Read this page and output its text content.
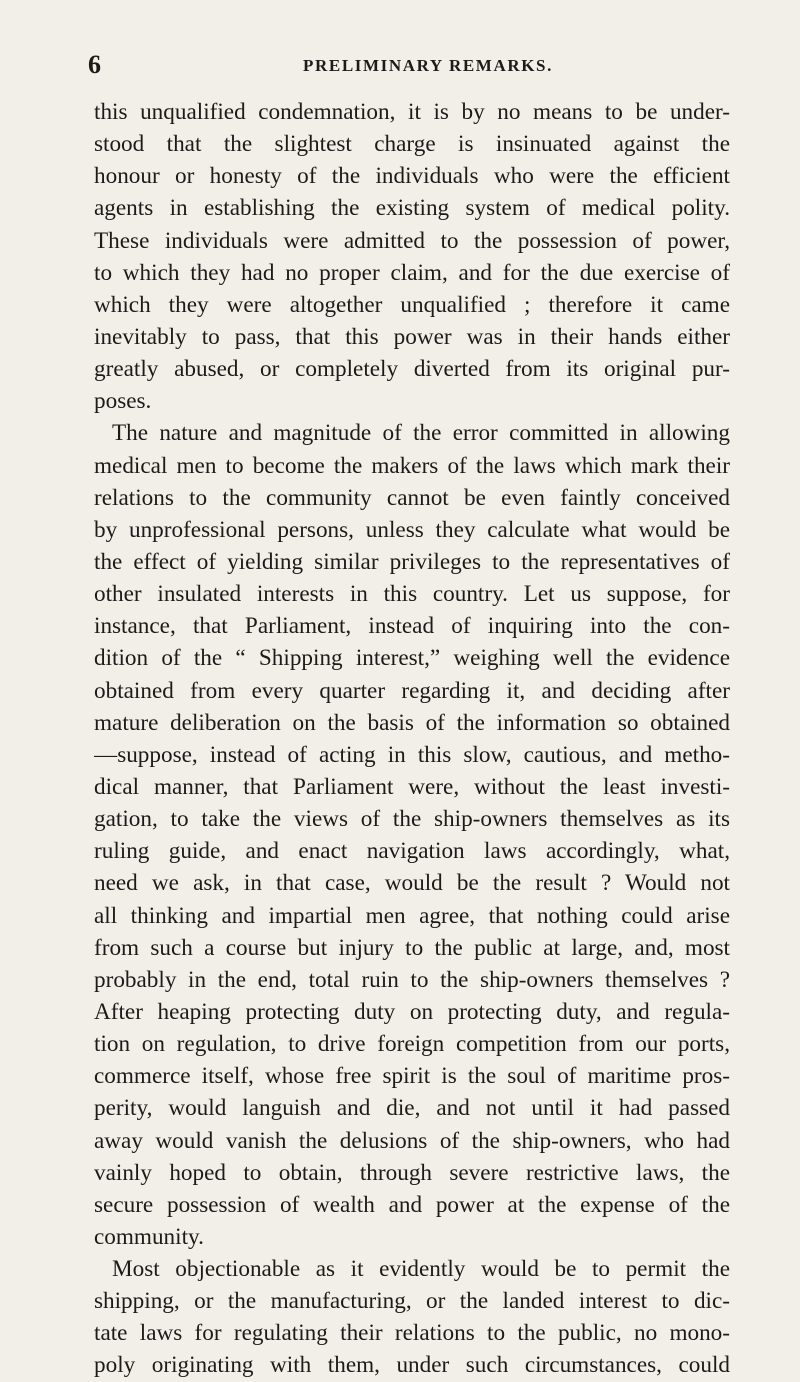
6	PRELIMINARY REMARKS.
this unqualified condemnation, it is by no means to be under-
stood that the slightest charge is insinuated against the
honour or honesty of the individuals who were the efficient
agents in establishing the existing system of medical polity.
These individuals were admitted to the possession of power,
to which they had no proper claim, and for the due exercise of
which they were altogether unqualified ; therefore it came
inevitably to pass, that this power was in their hands either
greatly abused, or completely diverted from its original pur-
poses.
The nature and magnitude of the error committed in allowing
medical men to become the makers of the laws which mark their
relations to the community cannot be even faintly conceived
by unprofessional persons, unless they calculate what would be
the effect of yielding similar privileges to the representatives of
other insulated interests in this country. Let us suppose, for
instance, that Parliament, instead of inquiring into the con-
dition of the “ Shipping interest,” weighing well the evidence
obtained from every quarter regarding it, and deciding after
mature deliberation on the basis of the information so obtained
—suppose, instead of acting in this slow, cautious, and metho-
dical manner, that Parliament were, without the least investi-
gation, to take the views of the ship-owners themselves as its
ruling guide, and enact navigation laws accordingly, what,
need we ask, in that case, would be the result ? Would not
all thinking and impartial men agree, that nothing could arise
from such a course but injury to the public at large, and, most
probably in the end, total ruin to the ship-owners themselves ?
After heaping protecting duty on protecting duty, and regula-
tion on regulation, to drive foreign competition from our ports,
commerce itself, whose free spirit is the soul of maritime pros-
perity, would languish and die, and not until it had passed
away would vanish the delusions of the ship-owners, who had
vainly hoped to obtain, through severe restrictive laws, the
secure possession of wealth and power at the expense of the
community.
Most objectionable as it evidently would be to permit the
shipping, or the manufacturing, or the landed interest to dic-
tate laws for regulating their relations to the public, no mono-
poly originating with them, under such circumstances, could
